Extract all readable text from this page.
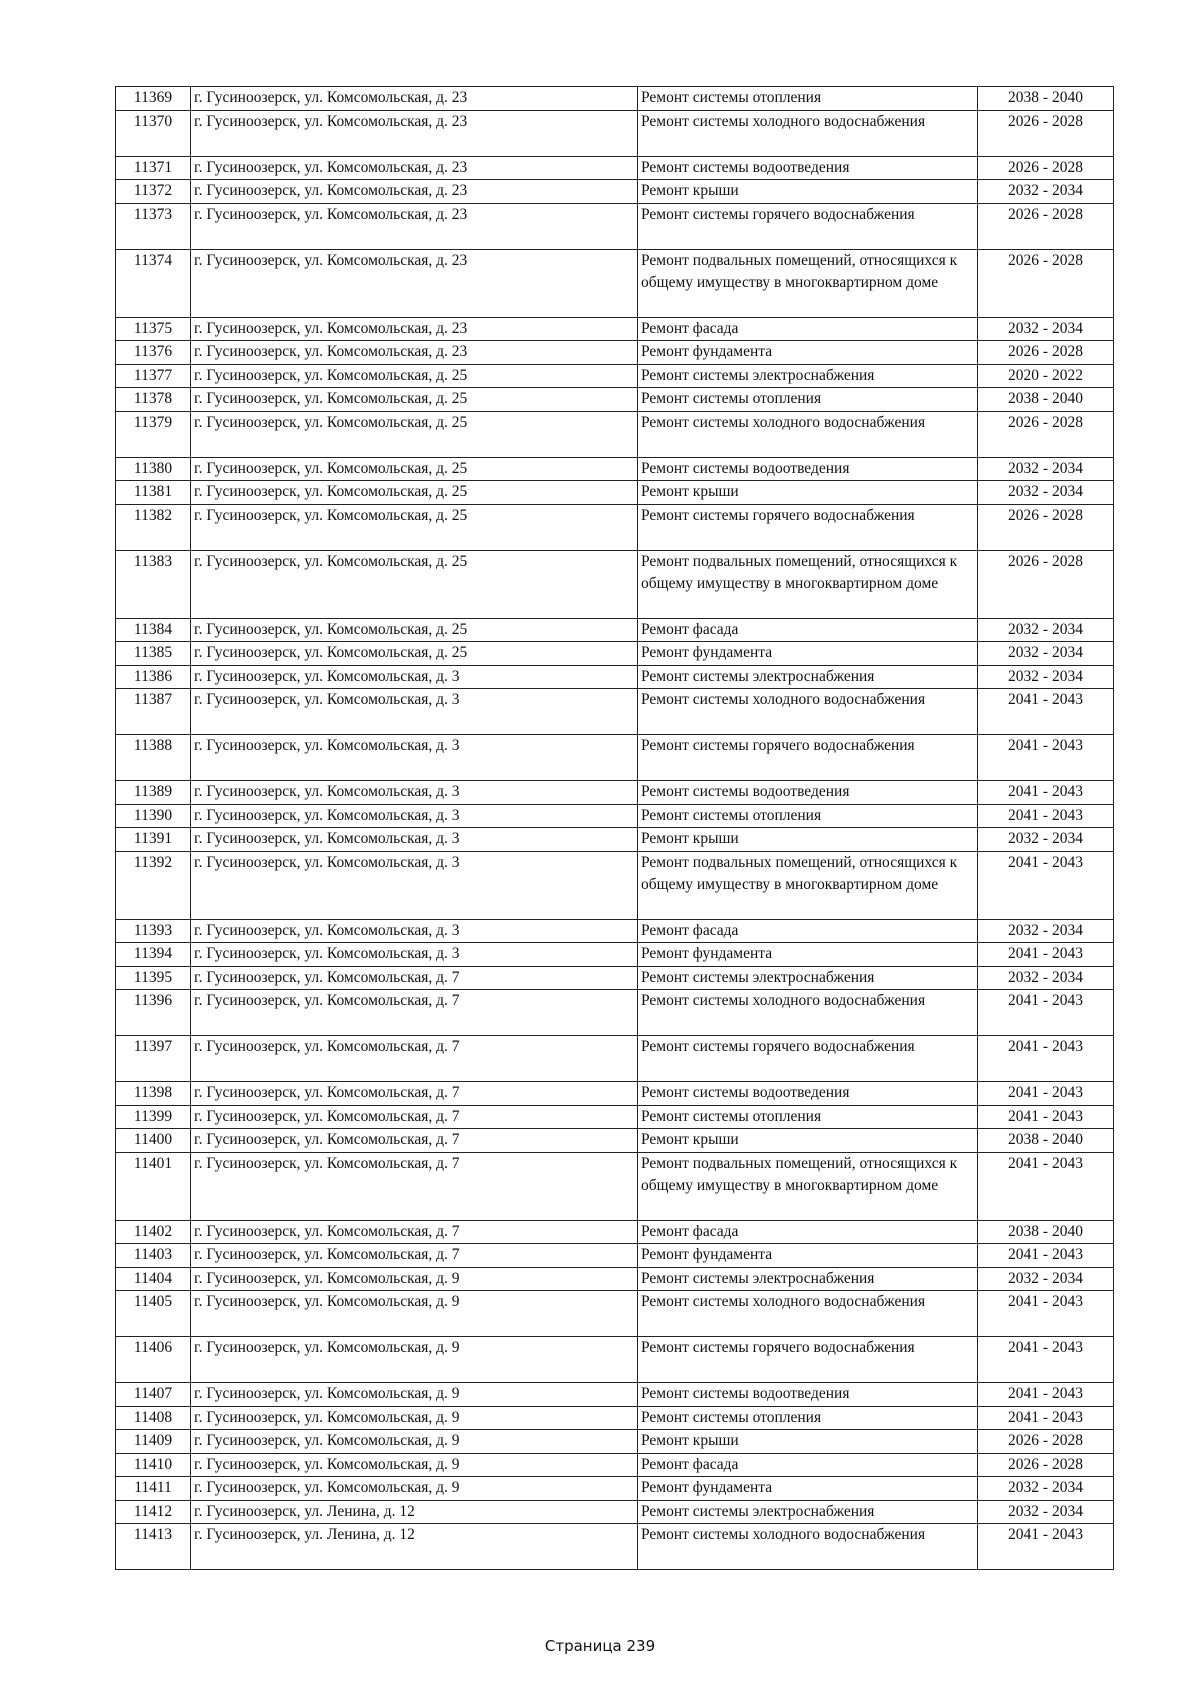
11369	г. Гусиноозерск, ул. Комсомольская, д. 23	Ремонт системы отопления	2038 - 2040
11370	г. Гусиноозерск, ул. Комсомольская, д. 23	Ремонт системы холодного водоснабжения	2026 - 2028
11371	г. Гусиноозерск, ул. Комсомольская, д. 23	Ремонт системы водоотведения	2026 - 2028
11372	г. Гусиноозерск, ул. Комсомольская, д. 23	Ремонт крыши	2032 - 2034
11373	г. Гусиноозерск, ул. Комсомольская, д. 23	Ремонт системы горячего водоснабжения	2026 - 2028
11374	г. Гусиноозерск, ул. Комсомольская, д. 23	Ремонт подвальных помещений, относящихся к общему имуществу в многоквартирном доме	2026 - 2028
11375	г. Гусиноозерск, ул. Комсомольская, д. 23	Ремонт фасада	2032 - 2034
11376	г. Гусиноозерск, ул. Комсомольская, д. 23	Ремонт фундамента	2026 - 2028
11377	г. Гусиноозерск, ул. Комсомольская, д. 25	Ремонт системы электроснабжения	2020 - 2022
11378	г. Гусиноозерск, ул. Комсомольская, д. 25	Ремонт системы отопления	2038 - 2040
11379	г. Гусиноозерск, ул. Комсомольская, д. 25	Ремонт системы холодного водоснабжения	2026 - 2028
11380	г. Гусиноозерск, ул. Комсомольская, д. 25	Ремонт системы водоотведения	2032 - 2034
11381	г. Гусиноозерск, ул. Комсомольская, д. 25	Ремонт крыши	2032 - 2034
11382	г. Гусиноозерск, ул. Комсомольская, д. 25	Ремонт системы горячего водоснабжения	2026 - 2028
11383	г. Гусиноозерск, ул. Комсомольская, д. 25	Ремонт подвальных помещений, относящихся к общему имуществу в многоквартирном доме	2026 - 2028
11384	г. Гусиноозерск, ул. Комсомольская, д. 25	Ремонт фасада	2032 - 2034
11385	г. Гусиноозерск, ул. Комсомольская, д. 25	Ремонт фундамента	2032 - 2034
11386	г. Гусиноозерск, ул. Комсомольская, д. 3	Ремонт системы электроснабжения	2032 - 2034
11387	г. Гусиноозерск, ул. Комсомольская, д. 3	Ремонт системы холодного водоснабжения	2041 - 2043
11388	г. Гусиноозерск, ул. Комсомольская, д. 3	Ремонт системы горячего водоснабжения	2041 - 2043
11389	г. Гусиноозерск, ул. Комсомольская, д. 3	Ремонт системы водоотведения	2041 - 2043
11390	г. Гусиноозерск, ул. Комсомольская, д. 3	Ремонт системы отопления	2041 - 2043
11391	г. Гусиноозерск, ул. Комсомольская, д. 3	Ремонт крыши	2032 - 2034
11392	г. Гусиноозерск, ул. Комсомольская, д. 3	Ремонт подвальных помещений, относящихся к общему имуществу в многоквартирном доме	2041 - 2043
11393	г. Гусиноозерск, ул. Комсомольская, д. 3	Ремонт фасада	2032 - 2034
11394	г. Гусиноозерск, ул. Комсомольская, д. 3	Ремонт фундамента	2041 - 2043
11395	г. Гусиноозерск, ул. Комсомольская, д. 7	Ремонт системы электроснабжения	2032 - 2034
11396	г. Гусиноозерск, ул. Комсомольская, д. 7	Ремонт системы холодного водоснабжения	2041 - 2043
11397	г. Гусиноозерск, ул. Комсомольская, д. 7	Ремонт системы горячего водоснабжения	2041 - 2043
11398	г. Гусиноозерск, ул. Комсомольская, д. 7	Ремонт системы водоотведения	2041 - 2043
11399	г. Гусиноозерск, ул. Комсомольская, д. 7	Ремонт системы отопления	2041 - 2043
11400	г. Гусиноозерск, ул. Комсомольская, д. 7	Ремонт крыши	2038 - 2040
11401	г. Гусиноозерск, ул. Комсомольская, д. 7	Ремонт подвальных помещений, относящихся к общему имуществу в многоквартирном доме	2041 - 2043
11402	г. Гусиноозерск, ул. Комсомольская, д. 7	Ремонт фасада	2038 - 2040
11403	г. Гусиноозерск, ул. Комсомольская, д. 7	Ремонт фундамента	2041 - 2043
11404	г. Гусиноозерск, ул. Комсомольская, д. 9	Ремонт системы электроснабжения	2032 - 2034
11405	г. Гусиноозерск, ул. Комсомольская, д. 9	Ремонт системы холодного водоснабжения	2041 - 2043
11406	г. Гусиноозерск, ул. Комсомольская, д. 9	Ремонт системы горячего водоснабжения	2041 - 2043
11407	г. Гусиноозерск, ул. Комсомольская, д. 9	Ремонт системы водоотведения	2041 - 2043
11408	г. Гусиноозерск, ул. Комсомольская, д. 9	Ремонт системы отопления	2041 - 2043
11409	г. Гусиноозерск, ул. Комсомольская, д. 9	Ремонт крыши	2026 - 2028
11410	г. Гусиноозерск, ул. Комсомольская, д. 9	Ремонт фасада	2026 - 2028
11411	г. Гусиноозерск, ул. Комсомольская, д. 9	Ремонт фундамента	2032 - 2034
11412	г. Гусиноозерск, ул. Ленина, д. 12	Ремонт системы электроснабжения	2032 - 2034
11413	г. Гусиноозерск, ул. Ленина, д. 12	Ремонт системы холодного водоснабжения	2041 - 2043
Страница 239
